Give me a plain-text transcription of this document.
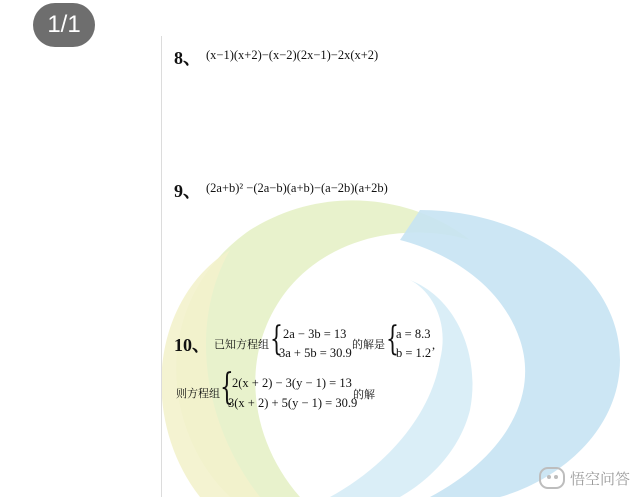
1/1
8、 (x−1)(x+2)−(x−2)(2x−1)−2x(x+2)
9、 (2a+b)² −(2a−b)(a+b)−(a−2b)(a+2b)
10、 已知方程组 { 2a − 3b = 13
3a + 5b = 30.9
的解是 {
a = 8.3
b = 1.2
,
则方程组 {
2(x + 2) − 3(y − 1) = 13
3(x + 2) + 5(y − 1) = 30.9
的解
悟空问答
